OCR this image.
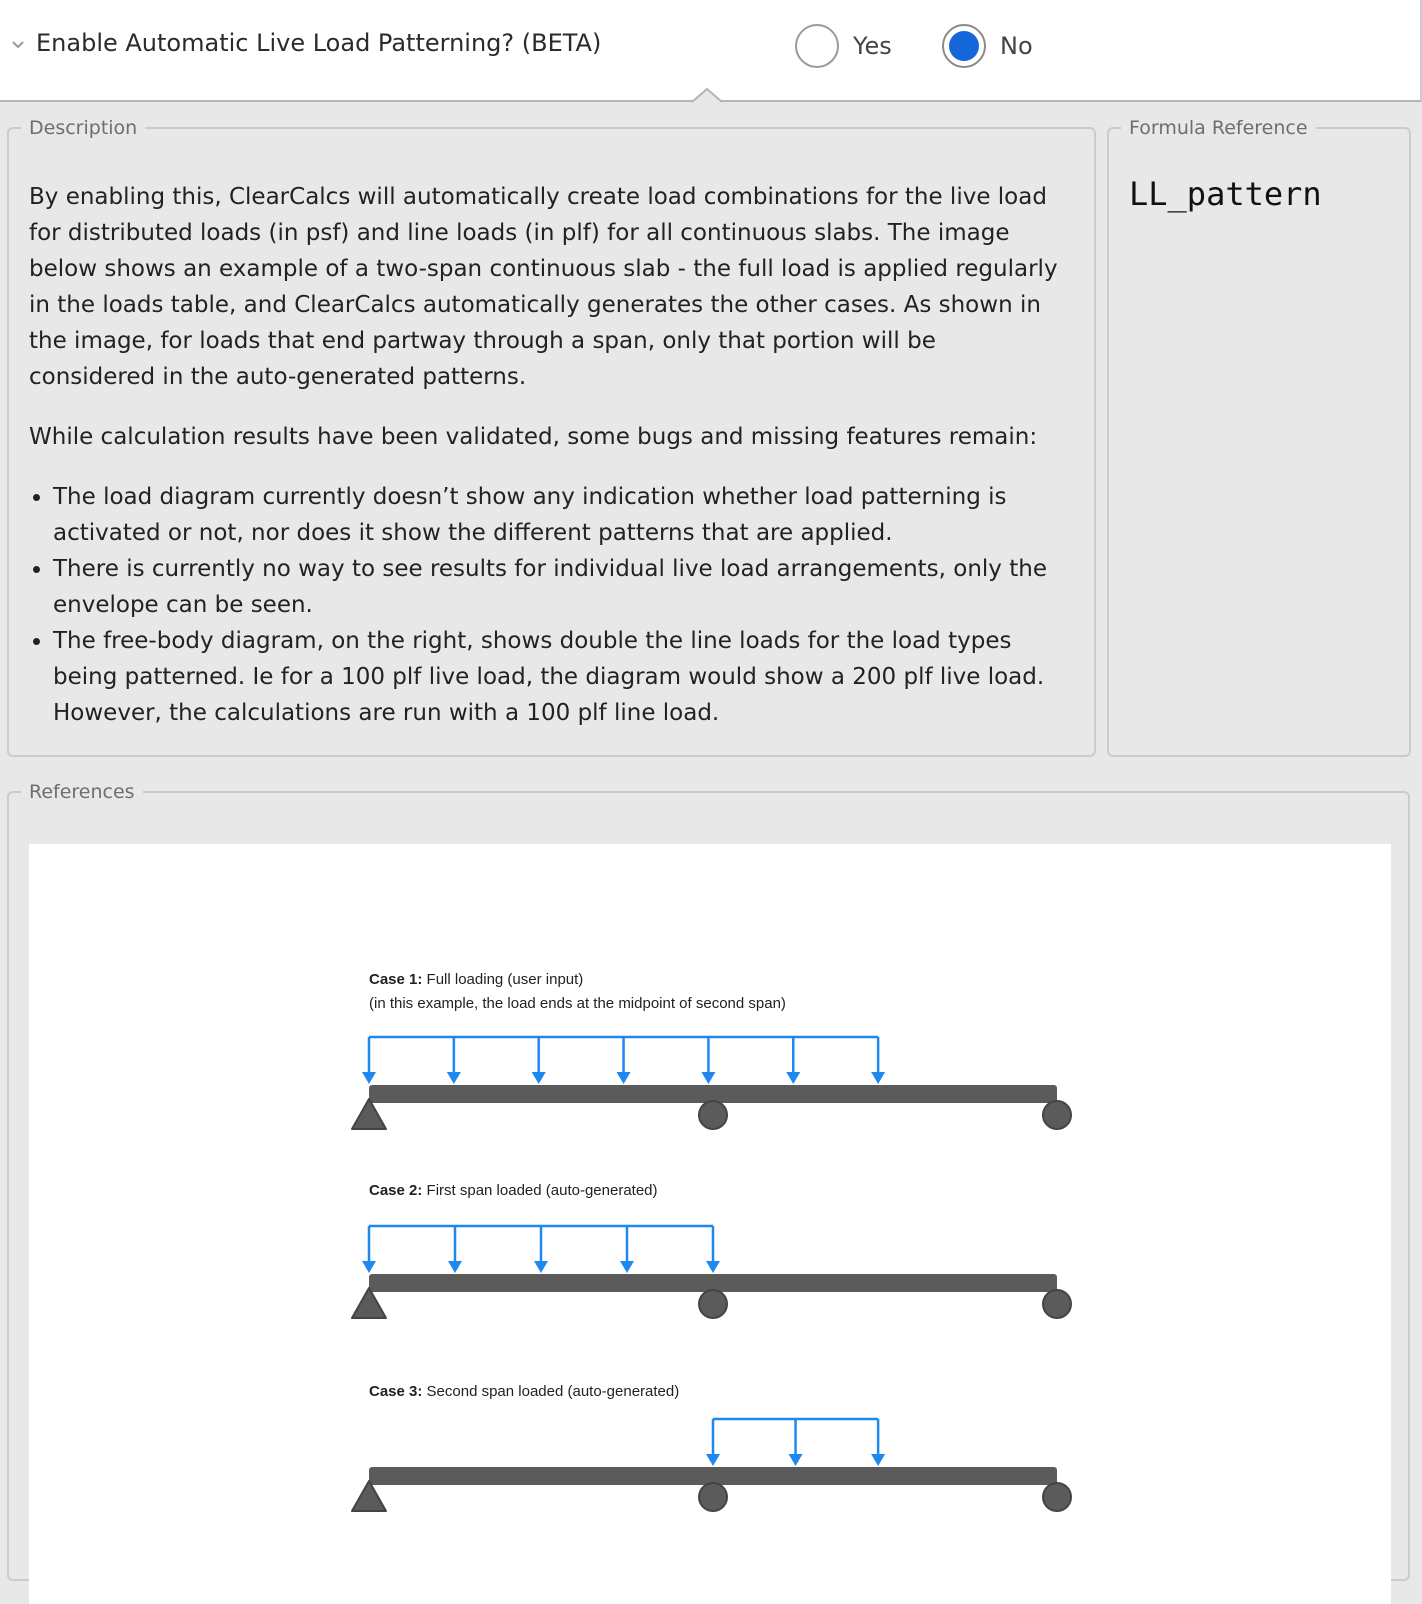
Enable Automatic Live Load Patterning? (BETA)	Yes	No
Description

By enabling this, ClearCalcs will automatically create load combinations for the live load for distributed loads (in psf) and line loads (in plf) for all continuous slabs. The image below shows an example of a two-span continuous slab - the full load is applied regularly in the loads table, and ClearCalcs automatically generates the other cases. As shown in the image, for loads that end partway through a span, only that portion will be considered in the auto-generated patterns.

While calculation results have been validated, some bugs and missing features remain:

• The load diagram currently doesn’t show any indication whether load patterning is activated or not, nor does it show the different patterns that are applied.
• There is currently no way to see results for individual live load arrangements, only the envelope can be seen.
• The free-body diagram, on the right, shows double the line loads for the load types being patterned. Ie for a 100 plf live load, the diagram would show a 200 plf live load. However, the calculations are run with a 100 plf line load.
Formula Reference
LL_pattern
References
Case 1: Full loading (user input)
(in this example, the load ends at the midpoint of second span)
Case 2: First span loaded (auto-generated)
Case 3: Second span loaded (auto-generated)
